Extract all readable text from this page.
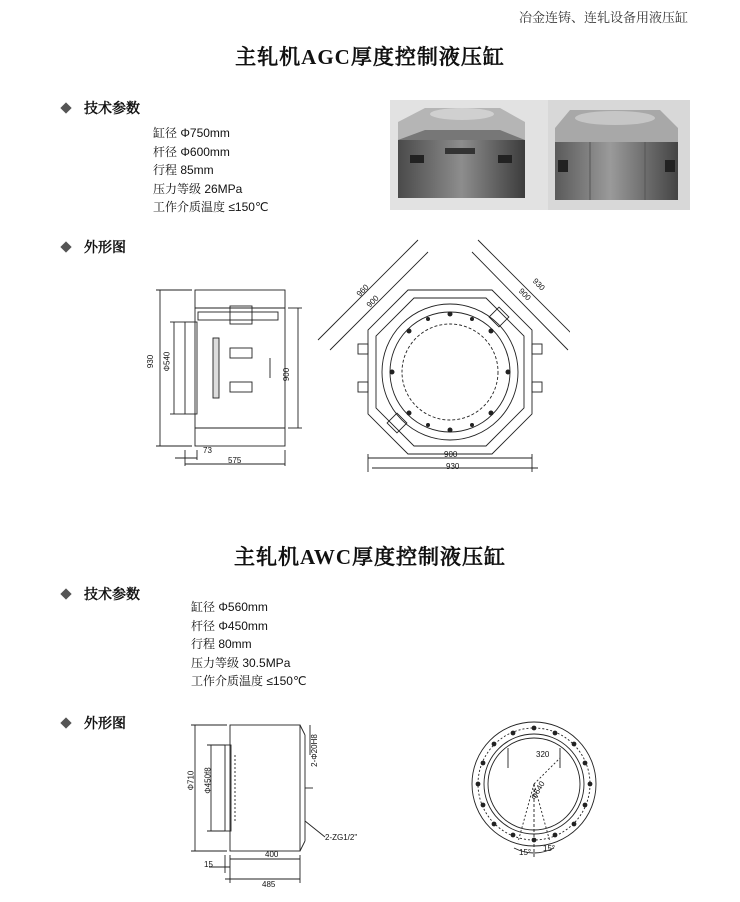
冶金连铸、连轧设备用液压缸
主轧机AGC厚度控制液压缸
技术参数
缸径 Φ750mm
杆径 Φ600mm
行程 85mm
压力等级 26MPa
工作介质温度 ≤150℃
外形图
930 Φ540
900
73
575
960
900
930
900
900
930
主轧机AWC厚度控制液压缸
技术参数
缸径 Φ560mm
杆径 Φ450mm
行程 80mm
压力等级 30.5MPa
工作介质温度 ≤150℃
外形图
Φ710 Φ450f8
2-Φ20H8
2-ZG1/2"
400
15
485
320
Φ640
15° 15°
